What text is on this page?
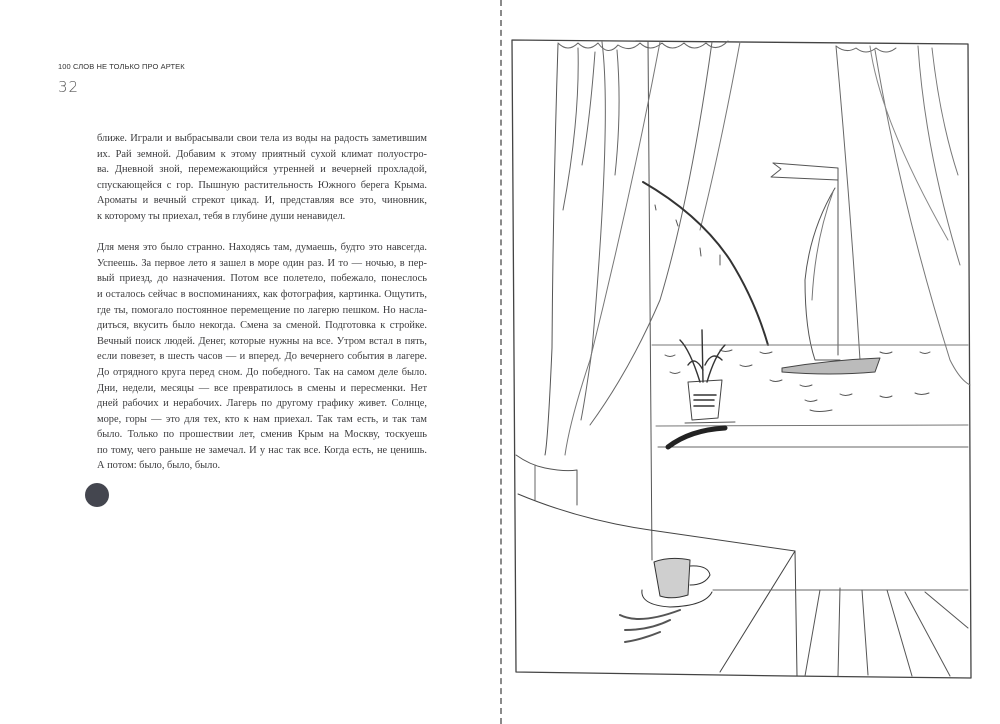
100 СЛОВ НЕ ТОЛЬКО ПРО АРТЕК
32

ближе. Играли и выбрасывали свои тела из воды на радость заметившим
их. Рай земной. Добавим к этому приятный сухой климат полуостро-
ва. Дневной зной, перемежающийся утренней и вечерней прохладой,
спускающейся с гор. Пышную растительность Южного берега Крыма.
Ароматы и вечный стрекот цикад. И, представляя все это, чиновник,
к которому ты приехал, тебя в глубине души ненавидел.

Для меня это было странно. Находясь там, думаешь, будто это навсегда.
Успеешь. За первое лето я зашел в море один раз. И то — ночью, в пер-
вый приезд, до назначения. Потом все полетело, побежало, понеслось
и осталось сейчас в воспоминаниях, как фотография, картинка. Ощутить,
где ты, помогало постоянное перемещение по лагерю пешком. Но насла-
диться, вкусить было некогда. Смена за сменой. Подготовка к стройке.
Вечный поиск людей. Денег, которые нужны на все. Утром встал в пять,
если повезет, в шесть часов — и вперед. До вечернего события в лагере.
До отрядного круга перед сном. До победного. Так на самом деле было.
Дни, недели, месяцы — все превратилось в смены и пересменки. Нет
дней рабочих и нерабочих. Лагерь по другому графику живет. Солнце,
море, горы — это для тех, кто к нам приехал. Так там есть, и так там
было. Только по прошествии лет, сменив Крым на Москву, тоскуешь
по тому, чего раньше не замечал. И у нас так все. Когда есть, не ценишь.
А потом: было, было, было.
